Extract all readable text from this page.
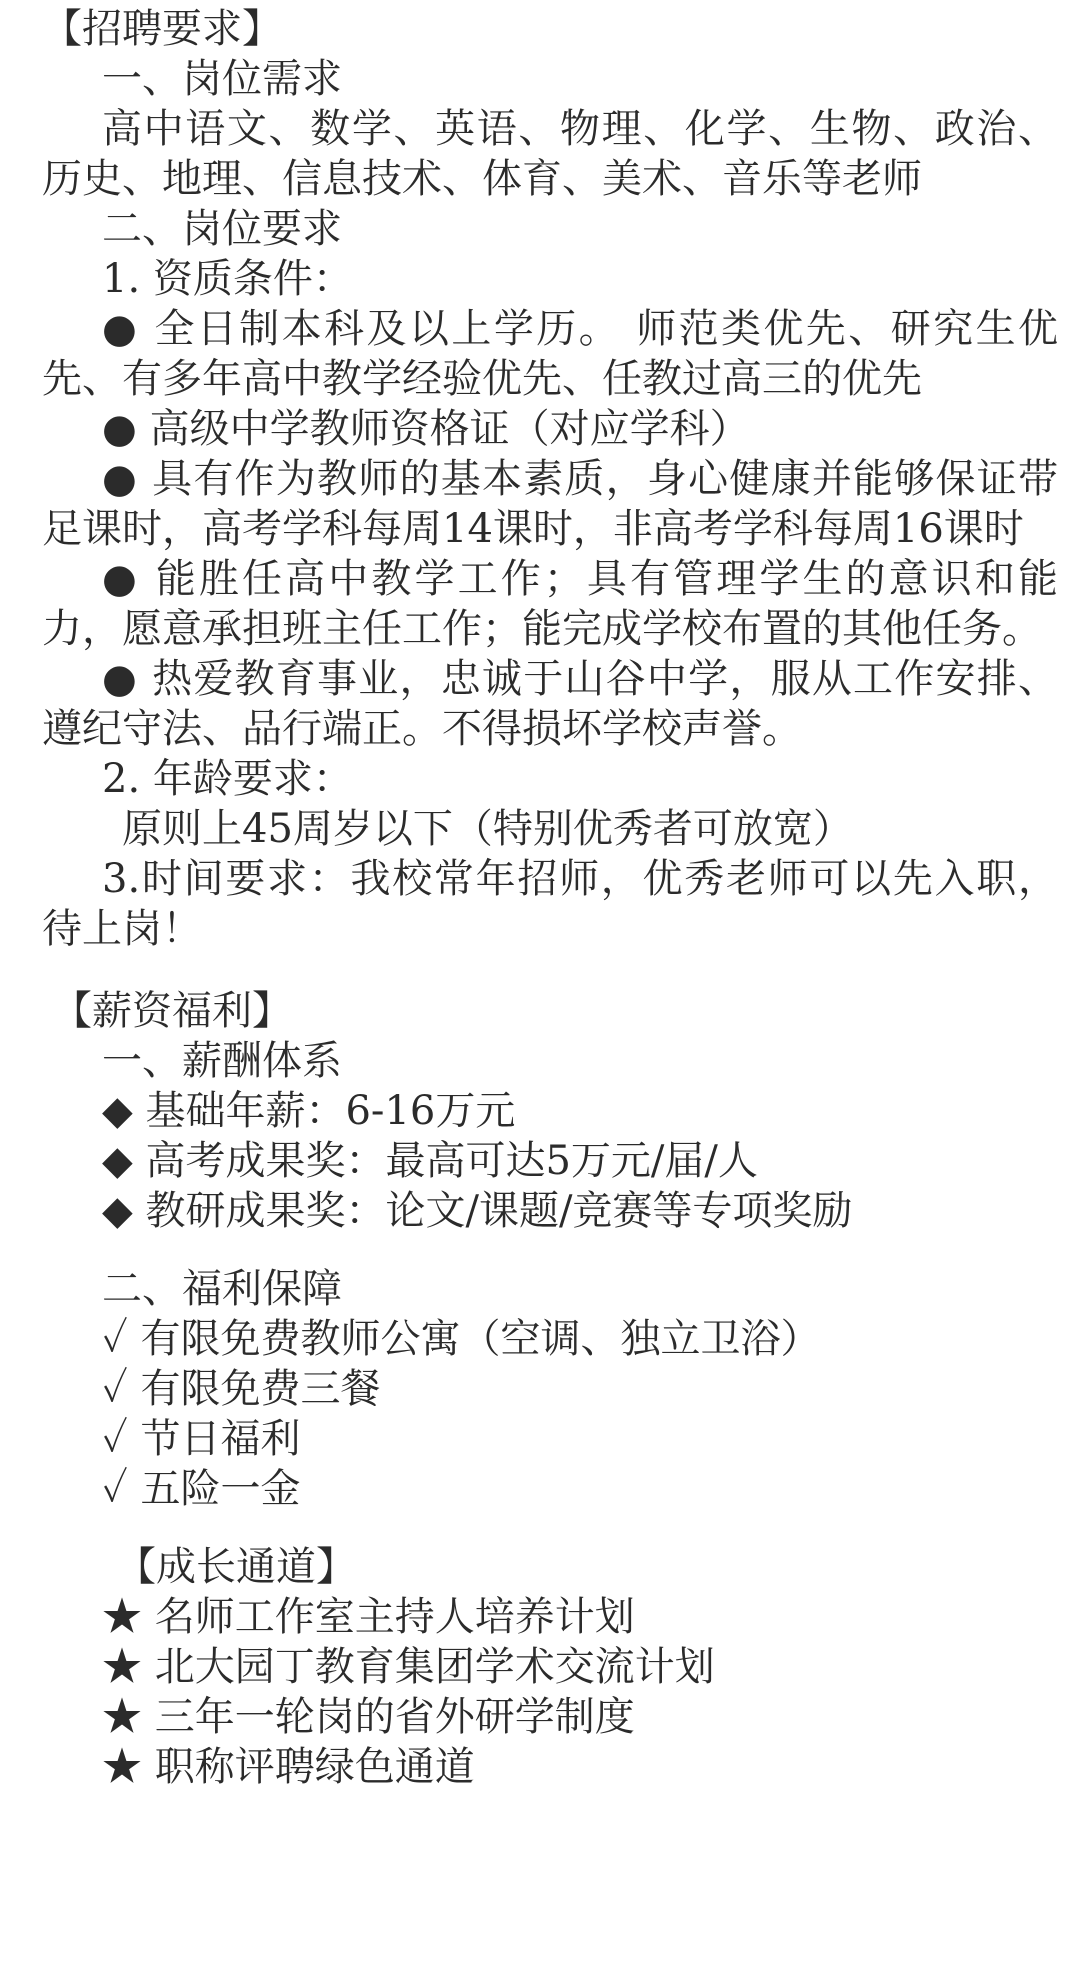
【招聘要求】
一、岗位需求

高中语文、数学、英语、物理、化学、生物、政治、历史、地理、信息技术、体育、美术、音乐等老师

二、岗位要求
1. 资质条件：

● 全日制本科及以上学历。 师范类优先、研究生优先、有多年高中教学经验优先、任教过高三的优先

● 高级中学教师资格证（对应学科）

● 具有作为教师的基本素质，身心健康并能够保证带足课时，高考学科每周14课时，非高考学科每周16课时

● 能胜任高中教学工作；具有管理学生的意识和能力，愿意承担班主任工作；能完成学校布置的其他任务。

● 热爱教育事业，忠诚于山谷中学，服从工作安排、遵纪守法、品行端正。不得损坏学校声誉。

2. 年龄要求：
原则上45周岁以下（特别优秀者可放宽）

3.时间要求：我校常年招师，优秀老师可以先入职，待上岗！

【薪资福利】
一、薪酬体系
◆ 基础年薪：6-16万元
◆ 高考成果奖：最高可达5万元/届/人
◆ 教研成果奖：论文/课题/竞赛等专项奖励
二、福利保障
✓ 有限免费教师公寓（空调、独立卫浴）
✓ 有限免费三餐
✓ 节日福利
✓ 五险一金
【成长通道】
★ 名师工作室主持人培养计划
★ 北大园丁教育集团学术交流计划
★ 三年一轮岗的省外研学制度
★ 职称评聘绿色通道
